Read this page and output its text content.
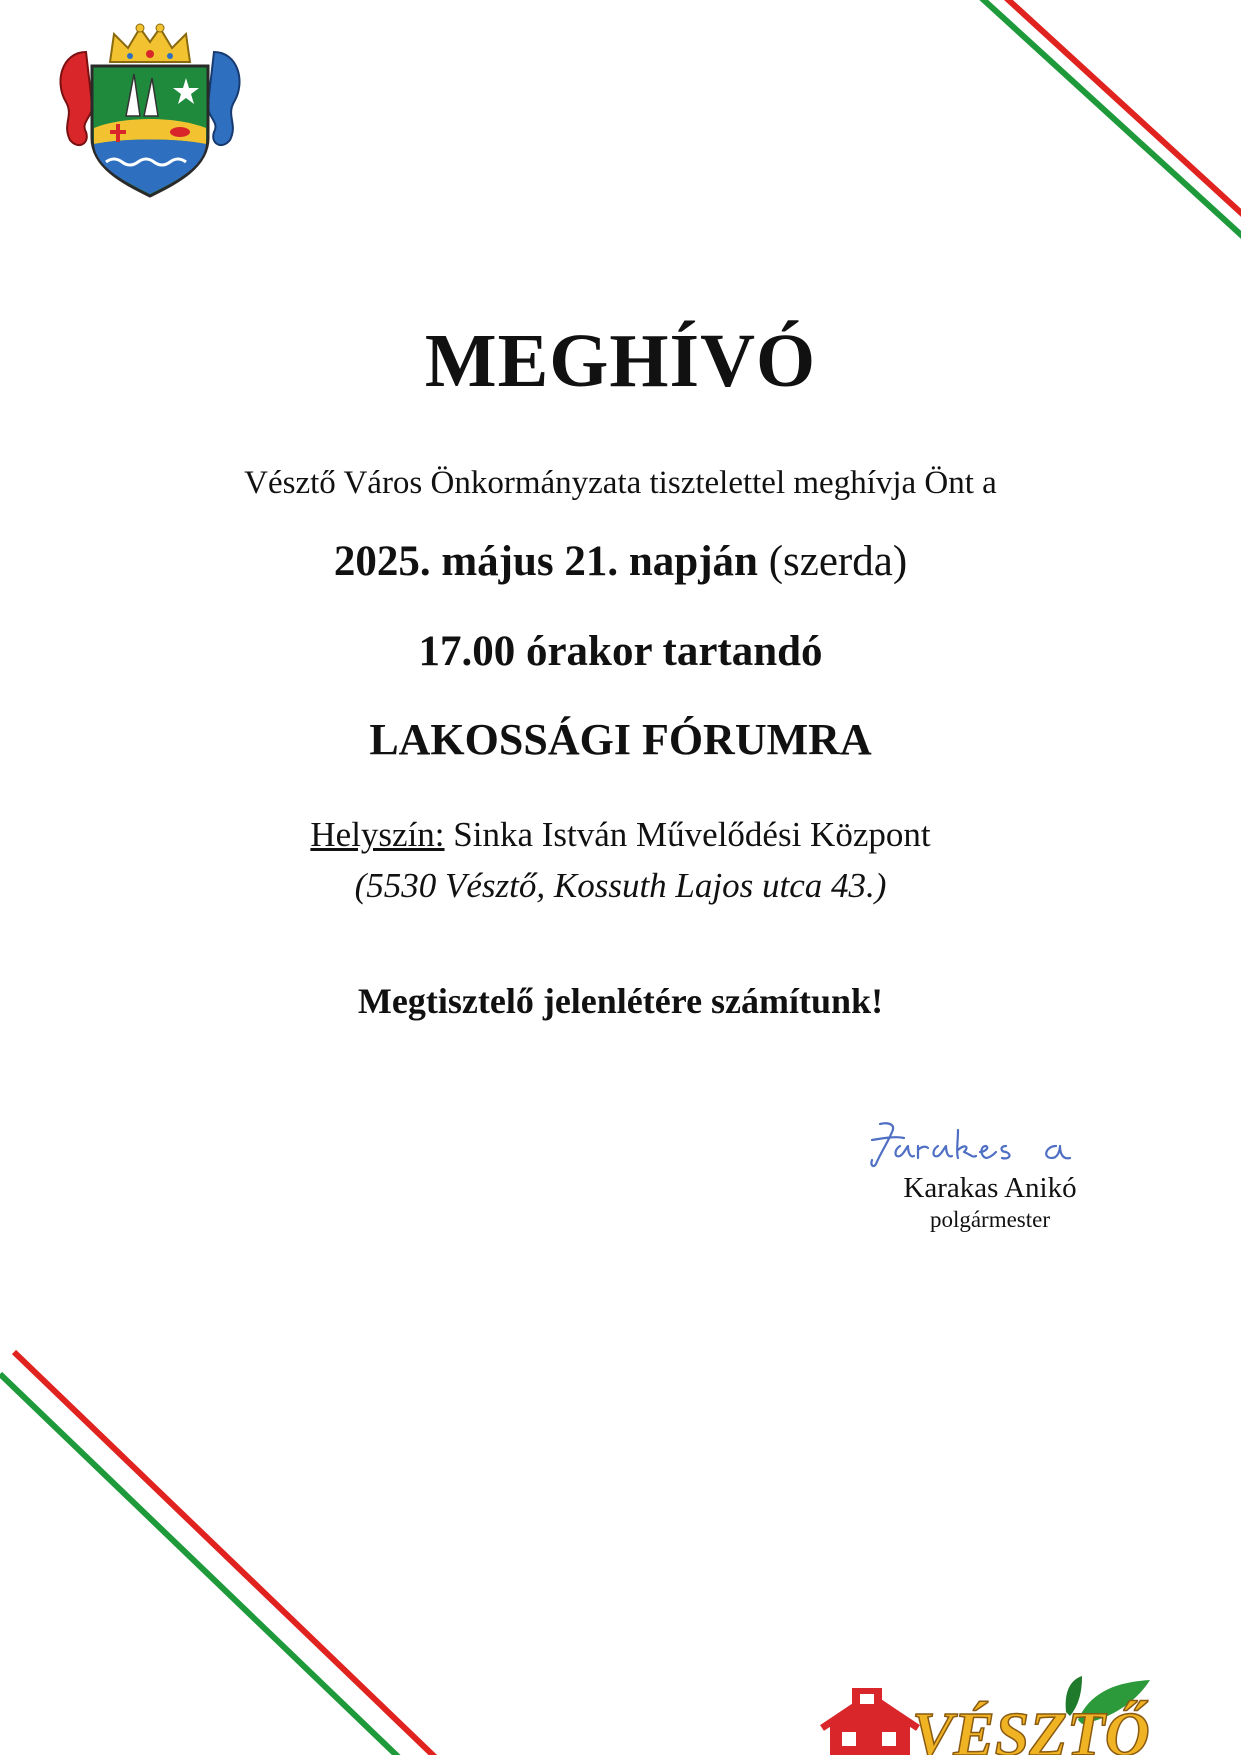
MEGHÍVÓ
Vésztő Város Önkormányzata tisztelettel meghívja Önt a
2025. május 21. napján (szerda)
17.00 órakor tartandó
LAKOSSÁGI FÓRUMRA
Helyszín: Sinka István Művelődési Központ
(5530 Vésztő, Kossuth Lajos utca 43.)
Megtisztelő jelenlétére számítunk!
Karakas Anikó
polgármester
VÉSZTŐ
